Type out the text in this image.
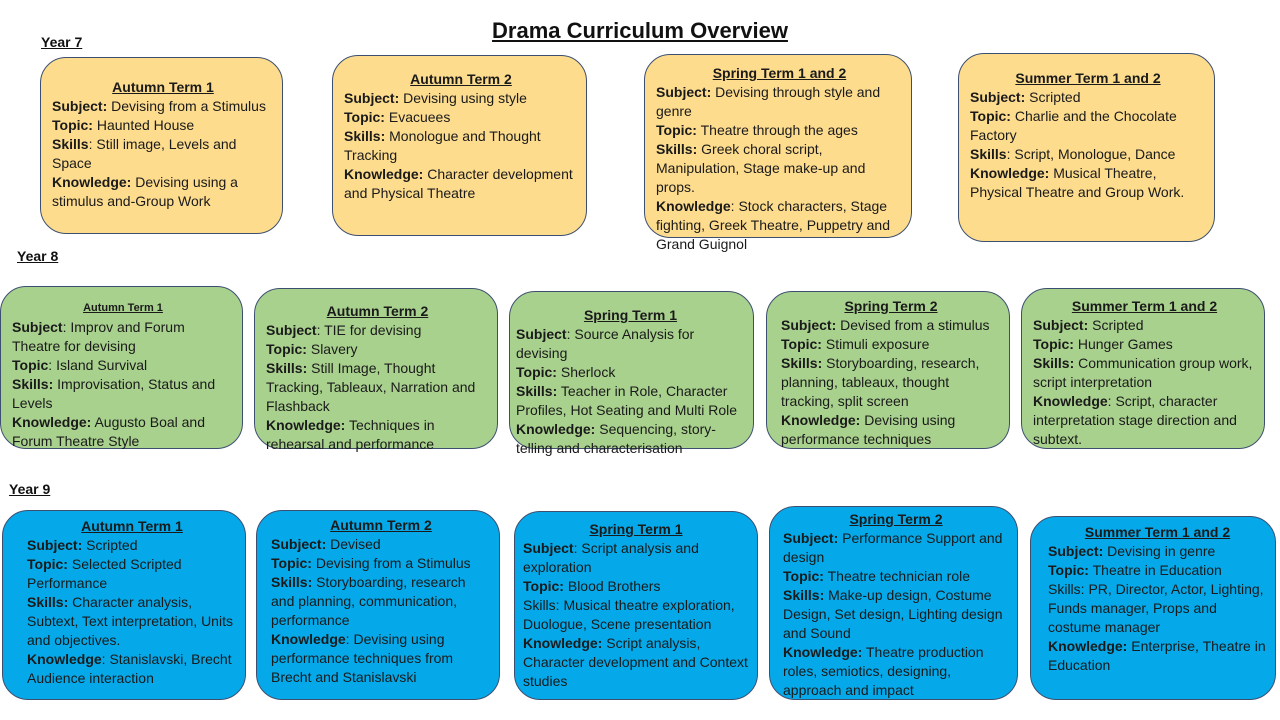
Drama Curriculum Overview
Year 7
Autumn Term 1

Subject: Devising from a Stimulus

Topic: Haunted House

Skills: Still image, Levels and Space

Knowledge: Devising using a stimulus and-Group Work

Autumn Term 2

Subject: Devising using style

Topic: Evacuees

Skills: Monologue and Thought Tracking

Knowledge: Character development and Physical Theatre

Spring Term 1 and 2

Subject: Devising through style and genre

Topic: Theatre through the ages

Skills: Greek choral script, Manipulation, Stage make-up and props.

Knowledge: Stock characters, Stage fighting, Greek Theatre, Puppetry and Grand Guignol

Summer Term 1 and 2

Subject: Scripted

Topic: Charlie and the Chocolate Factory

Skills: Script, Monologue, Dance

Knowledge: Musical Theatre, Physical Theatre and Group Work.

Year 8
Autumn Term 1

Subject: Improv and Forum Theatre for devising

Topic: Island Survival

Skills: Improvisation, Status and Levels

Knowledge: Augusto Boal and Forum Theatre Style

Autumn Term 2

Subject: TIE for devising

Topic: Slavery

Skills: Still Image, Thought Tracking, Tableaux, Narration and Flashback

Knowledge: Techniques in rehearsal and performance

Spring Term 1

Subject: Source Analysis for devising

Topic: Sherlock

Skills: Teacher in Role, Character Profiles, Hot Seating and Multi Role

Knowledge: Sequencing, story-telling and characterisation

Spring Term 2

Subject: Devised from a stimulus

Topic: Stimuli exposure

Skills: Storyboarding, research, planning, tableaux, thought tracking, split screen

Knowledge: Devising using performance techniques

Summer Term 1 and 2

Subject: Scripted

Topic: Hunger Games

Skills: Communication group work, script interpretation

Knowledge: Script, character interpretation stage direction and subtext.

Year 9
Autumn Term 1

Subject: Scripted

Topic: Selected Scripted Performance

Skills: Character analysis, Subtext, Text interpretation, Units and objectives.

Knowledge: Stanislavski, Brecht Audience interaction

Autumn Term 2

Subject: Devised

Topic: Devising from a Stimulus

Skills: Storyboarding, research and planning, communication, performance

Knowledge: Devising using performance techniques from Brecht and Stanislavski

Spring Term 1

Subject: Script analysis and exploration

Topic: Blood Brothers

Skills: Musical theatre exploration, Duologue, Scene presentation

Knowledge: Script analysis, Character development and Context studies

Spring Term 2

Subject: Performance Support and design

Topic: Theatre technician role

Skills: Make-up design, Costume Design, Set design, Lighting design and Sound

Knowledge: Theatre production roles, semiotics, designing, approach and impact

Summer Term 1 and 2

Subject: Devising in genre

Topic: Theatre in Education

Skills: PR, Director, Actor, Lighting, Funds manager, Props and costume manager

Knowledge: Enterprise, Theatre in Education
